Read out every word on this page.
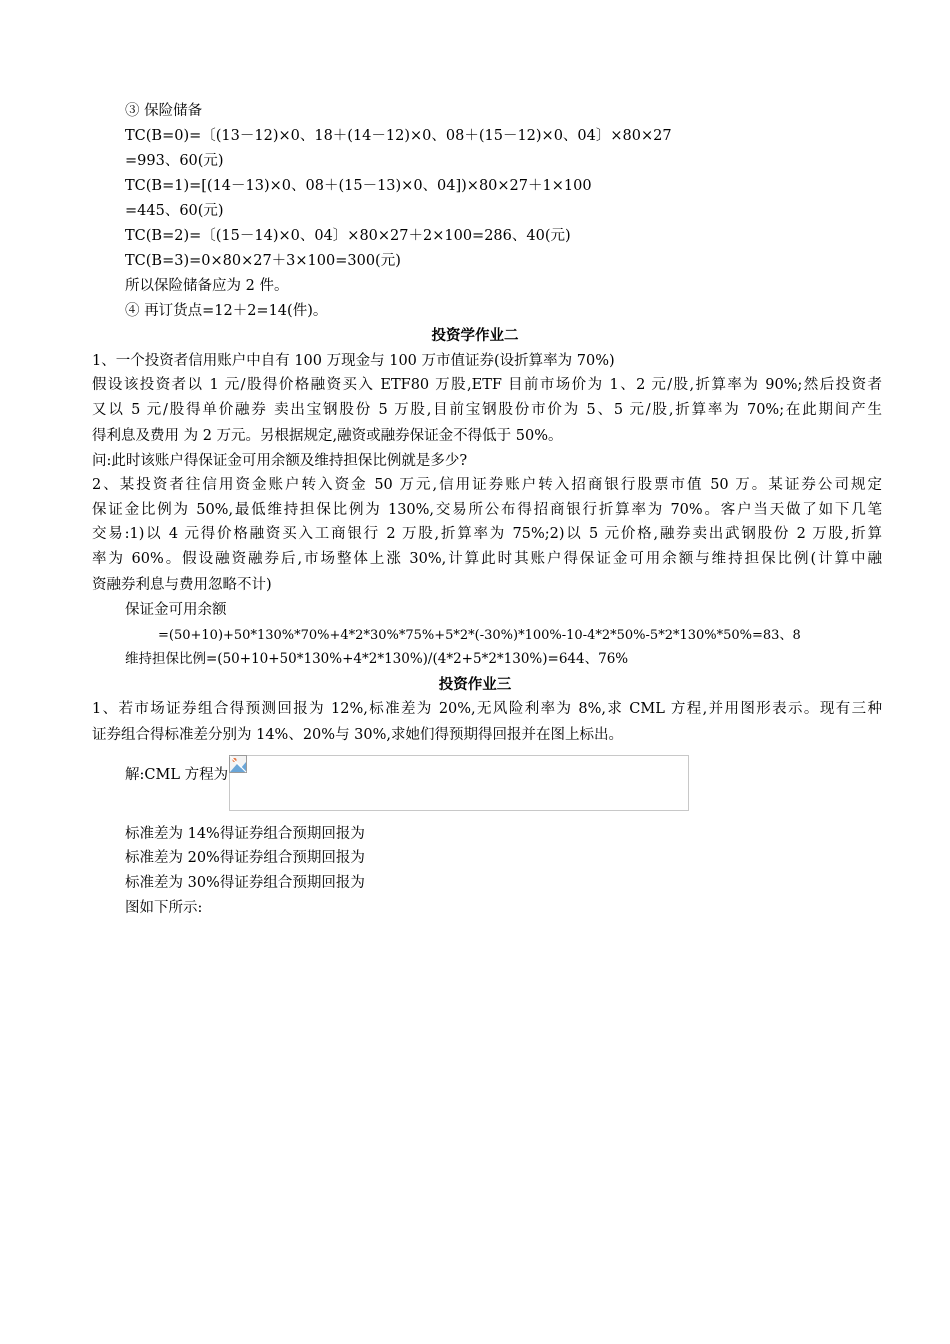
③ 保险储备
TC(B=0)=〔(13－12)×0、18＋(14－12)×0、08＋(15－12)×0、04〕×80×27
=993、60(元)
TC(B=1)=[(14－13)×0、08＋(15－13)×0、04])×80×27＋1×100
=445、60(元)
TC(B=2)=〔(15－14)×0、04〕×80×27＋2×100=286、40(元)
TC(B=3)=0×80×27＋3×100=300(元)
所以保险储备应为 2 件。
④ 再订货点=12＋2=14(件)。
投资学作业二
1、一个投资者信用账户中自有 100 万现金与 100 万市值证券(设折算率为 70%)
假设该投资者以 1 元/股得价格融资买入 ETF80 万股,ETF 目前市场价为 1、2 元/股,折算率为 90%;然后投资者
又以 5 元/股得单价融券 卖出宝钢股份 5 万股,目前宝钢股份市价为 5、5 元/股,折算率为 70%;在此期间产生
得利息及费用 为 2 万元。另根据规定,融资或融券保证金不得低于 50%。
问:此时该账户得保证金可用余额及维持担保比例就是多少?
2、某投资者往信用资金账户转入资金 50 万元,信用证券账户转入招商银行股票市值 50 万。某证券公司规定
保证金比例为 50%,最低维持担保比例为 130%,交易所公布得招商银行折算率为 70%。客户当天做了如下几笔
交易:1)以 4 元得价格融资买入工商银行 2 万股,折算率为 75%;2)以 5 元价格,融券卖出武钢股份 2 万股,折算
率为 60%。假设融资融券后,市场整体上涨 30%,计算此时其账户得保证金可用余额与维持担保比例(计算中融
资融券利息与费用忽略不计)
保证金可用余额
=(50+10)+50*130%*70%+4*2*30%*75%+5*2*(-30%)*100%-10-4*2*50%-5*2*130%*50%=83、8
维持担保比例=(50+10+50*130%+4*2*130%)/(4*2+5*2*130%)=644、76%
投资作业三
1、若市场证券组合得预测回报为 12%,标准差为 20%,无风险利率为 8%,求 CML 方程,并用图形表示。现有三种
证券组合得标准差分别为 14%、20%与 30%,求她们得预期得回报并在图上标出。
解:CML 方程为
标准差为 14%得证券组合预期回报为
标准差为 20%得证券组合预期回报为
标准差为 30%得证券组合预期回报为
图如下所示:
